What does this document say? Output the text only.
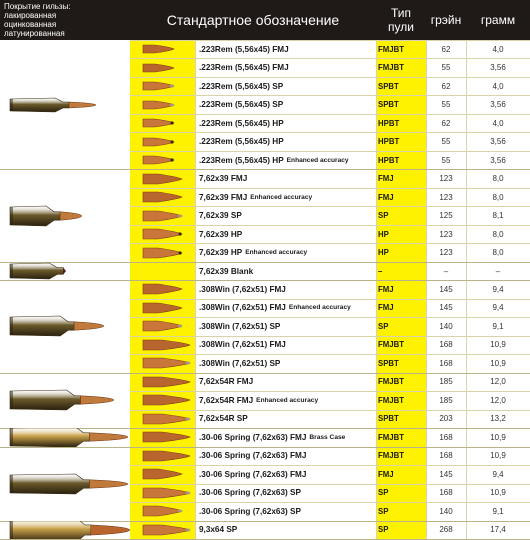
Покрытие гильзы:
лакированная
оцинкованная
латунированная
Стандартное обозначение	Тип
пули	грэйн	грамм
.223Rem (5,56x45) FMJ	FMJBT	62	4,0
.223Rem (5,56x45) FMJ	FMJBT	55	3,56
.223Rem (5,56x45) SP	SPBT	62	4,0
.223Rem (5,56x45) SP	SPBT	55	3,56
.223Rem (5,56x45) HP	HPBT	62	4,0
.223Rem (5,56x45) HP	HPBT	55	3,56
.223Rem (5,56x45) HP Enhanced accuracy	HPBT	55	3,56
7,62x39 FMJ	FMJ	123	8,0
7,62x39 FMJ Enhanced accuracy	FMJ	123	8,0
7,62x39 SP	SP	125	8,1
7,62x39 HP	HP	123	8,0
7,62x39 HP Enhanced accuracy	HP	123	8,0
7,62x39 Blank	–	–	–
.308Win (7,62x51) FMJ	FMJ	145	9,4
.308Win (7,62x51) FMJ Enhanced accuracy	FMJ	145	9,4
.308Win (7,62x51) SP	SP	140	9,1
.308Win (7,62x51) FMJ	FMJBT	168	10,9
.308Win (7,62x51) SP	SPBT	168	10,9
7,62x54R FMJ	FMJBT	185	12,0
7,62x54R FMJ Enhanced accuracy	FMJBT	185	12,0
7,62x54R SP	SPBT	203	13,2
.30-06 Spring (7,62x63) FMJ Brass Case	FMJBT	168	10,9
.30-06 Spring (7,62x63) FMJ	FMJBT	168	10,9
.30-06 Spring (7,62x63) FMJ	FMJ	145	9,4
.30-06 Spring (7,62x63) SP	SP	168	10,9
.30-06 Spring (7,62x63) SP	SP	140	9,1
9,3x64 SP	SP	268	17,4
